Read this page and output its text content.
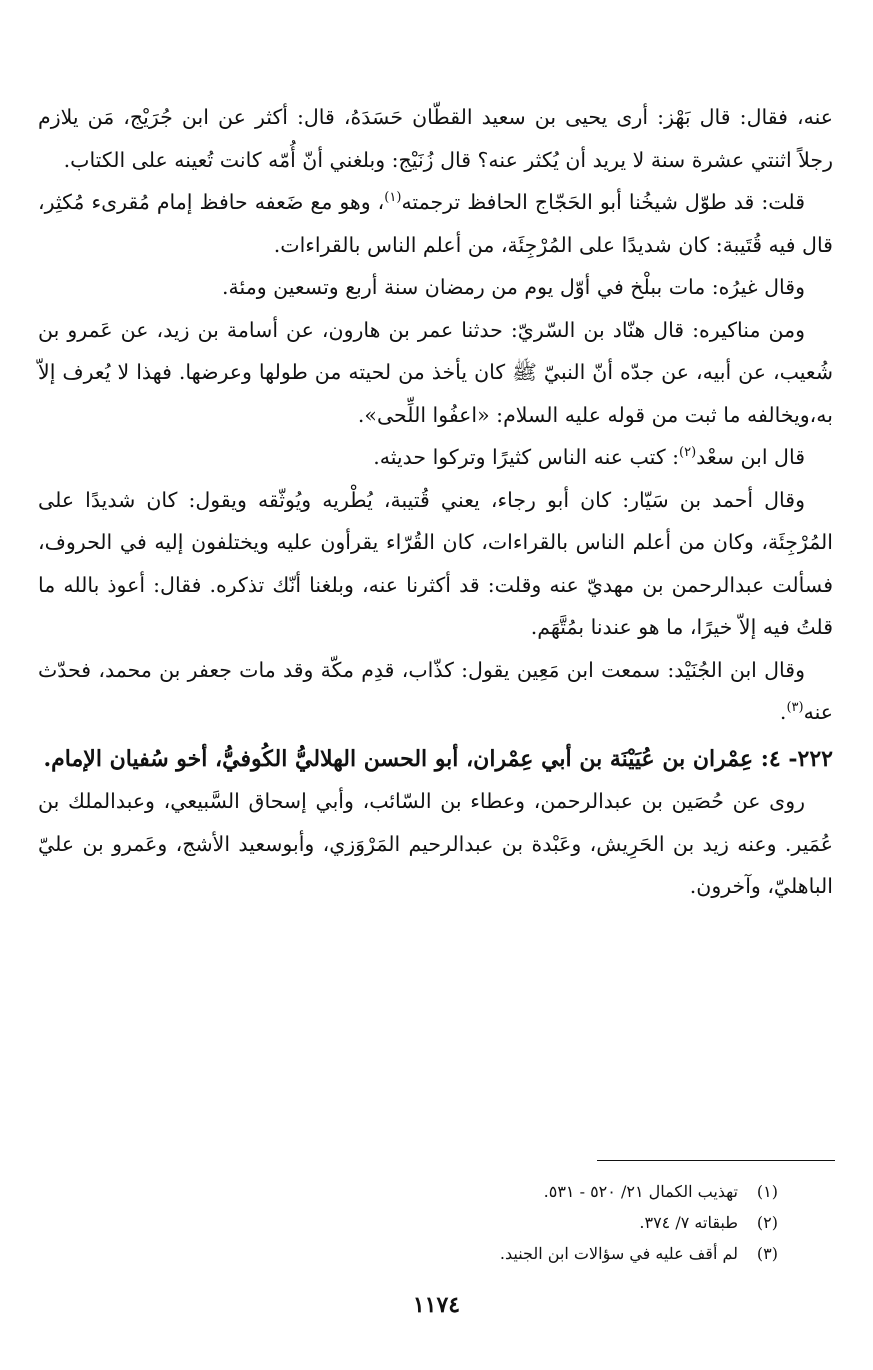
عنه، فقال: قال بَهْز: أرى يحيى بن سعيد القطّان حَسَدَهُ، قال: أكثر عن ابن جُرَيْج، مَن يلازم رجلاً اثنتي عشرة سنة لا يريد أن يُكثر عنه؟ قال زُنَيْج: وبلغني أنّ أُمّه كانت تُعينه على الكتاب.

قلت: قد طوّل شيخُنا أبو الحَجّاج الحافظ ترجمته$^{(١)}$، وهو مع ضَعفه حافظ إمام مُقرىء مُكثِر، قال فيه قُتَيبة: كان شديدًا على المُرْجِئَة، من أعلم الناس بالقراءات.

وقال غيرُه: مات ببلْخ في أوّل يوم من رمضان سنة أربع وتسعين ومئة.

ومن مناكيره: قال هنّاد بن السّريّ: حدثنا عمر بن هارون، عن أسامة بن زيد، عن عَمرو بن شُعيب، عن أبيه، عن جدّه أنّ النبيّ ﷺ كان يأخذ من لحيته من طولها وعرضها. فهذا لا يُعرف إلاّ به،ويخالفه ما ثبت من قوله عليه السلام: «اعفُوا اللِّحى».

قال ابن سعْد$^{(٢)}$: كتب عنه الناس كثيرًا وتركوا حديثه.

وقال أحمد بن سَيّار: كان أبو رجاء، يعني قُتيبة، يُطْريه ويُوثّقه ويقول: كان شديدًا على المُرْجِئَة، وكان من أعلم الناس بالقراءات، كان القُرّاء يقرأون عليه ويختلفون إليه في الحروف، فسألت عبدالرحمن بن مهديّ عنه وقلت: قد أكثرنا عنه، وبلغنا أنّك تذكره. فقال: أعوذ بالله ما قلتُ فيه إلاّ خيرًا، ما هو عندنا بمُتَّهَم.

وقال ابن الجُنَيْد: سمعت ابن مَعِين يقول: كذّاب، قدِم مكّة وقد مات جعفر بن محمد، فحدّث عنه$^{(٣)}$.

٢٢٢- ٤: عِمْران بن عُيَيْنَة بن أبي عِمْران، أبو الحسن الهلاليُّ الكُوفيُّ، أخو سُفيان الإمام.

روى عن حُصَين بن عبدالرحمن، وعطاء بن السّائب، وأبي إسحاق السَّبيعي، وعبدالملك بن عُمَير. وعنه زيد بن الحَرِيش، وعَبْدة بن عبدالرحيم المَرْوَزي، وأبوسعيد الأشج، وعَمرو بن عليّ الباهليّ، وآخرون.

(١)تهذيب الكمال ٢١/ ٥٢٠ - ٥٣١.

(٢)طبقاته ٧/ ٣٧٤.

(٣)لم أقف عليه في سؤالات ابن الجنيد.

١١٧٤
